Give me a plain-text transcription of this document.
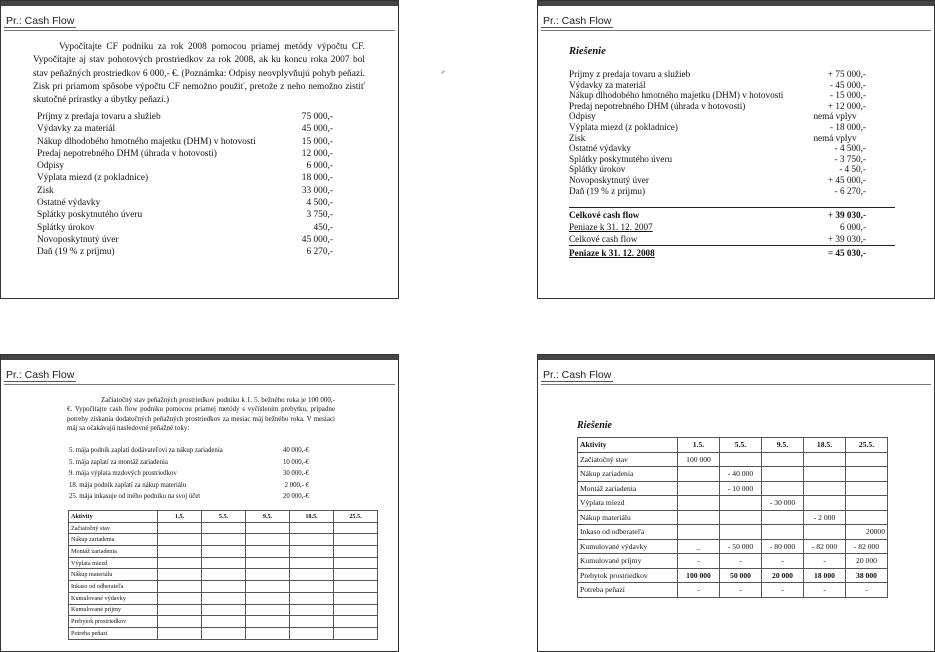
Pr.: Cash Flow
Vypočítajte CF podniku za rok 2008 pomocou priamej metódy výpočtu CF. Vypočítajte aj stav pohotových prostriedkov za rok 2008, ak ku koncu roka 2007 bol stav peňažných prostriedkov 6 000,- €. (Poznámka: Odpisy neovplyvňujú pohyb peňazí. Zisk pri priamom spôsobe výpočtu CF nemožno použiť, pretože z neho nemožno zistiť skutočné prírastky a úbytky peňazí.)
Príjmy z predaja tovaru a služieb	75 000,-
Výdavky za materiál	45 000,-
Nákup dlhodobého hmotného majetku (DHM) v hotovosti	15 000,-
Predaj nepotrebného DHM (úhrada v hotovosti)	12 000,-
Odpisy	6 000,-
Výplata miezd (z pokladnice)	18 000,-
Zisk	33 000,-
Ostatné výdavky	4 500,-
Splátky poskytnutého úveru	3 750,-
Splátky úrokov	450,-
Novoposkytnutý úver	45 000,-
Daň (19 % z príjmu)	6 270,-
Pr.: Cash Flow
Riešenie
Príjmy z predaja tovaru a služieb	+ 75 000,-
Výdavky za materiál	- 45 000,-
Nákup dlhodobého hmotného majetku (DHM) v hotovosti	- 15 000,-
Predaj nepotrebného DHM (úhrada v hotovosti)	+ 12 000,-
Odpisy	nemá vplyv
Výplata miezd (z pokladnice)	- 18 000,-
Zisk	nemá vplyv
Ostatné výdavky	- 4 500,-
Splátky poskytnutého úveru	- 3 750,-
Splátky úrokov	- 4 50,-
Novoposkytnutý úver	+ 45 000,-
Daň (19 % z príjmu)	- 6 270,-
Celkové cash flow	+ 39 030,-
Peniaze k 31. 12. 2007	6 000,-
Celkové cash flow	+ 39 030,-
Peniaze k 31. 12. 2008	= 45 030,-
Pr.: Cash Flow
Začiatočný stav peňažných prostriedkov podniku k 1. 5. bežného roka je 100 000,- €. Vypočítajte cash flow podniku pomocou priamej metódy s vyčíslením prebytku, prípadne potreby získania dodatočných peňažných prostriedkov za mesiac máj bežného roka. V mesiaci máj sa očakávajú nasledovné peňažné toky:
5. mája podnik zaplatí dodávateľovi za nákup zariadenia	40 000,-€
5. mája zaplatí za montáž zariadenia	10 000,-€
9. mája výplata mzdových prostriedkov	30 000,-€
18. mája podnik zaplatí za nákup materiálu	2 000,- €
25. mája inkasuje od iného podniku na svoj účet	20 000,-€
Aktivity	1.5.	5.5.	9.5.	18.5.	25.5.
Začiatočný stav					
Nákup zariadenia					
Montáž zariadenia					
Výplata miezd					
Nákup materiálu					
Inkaso od odberateľa					
Kumulované výdavky					
Kumulované príjmy					
Prebytok prostriedkov					
Potreba peňazí					
Pr.: Cash Flow
Riešenie
Aktivity	1.5.	5.5.	9.5.	18.5.	25.5.
Začiatočný stav	100 000				
Nákup zariadenia		- 40 000			
Montáž zariadenia		- 10 000			
Výplata miezd			- 30 000		
Nákup materiálu				- 2 000	
Inkaso od odberateľa					20000
Kumulované výdavky	_	- 50 000	- 80 000	- 82 000	- 82 000
Kumulované príjmy	-	-	-	-	20 000
Prebytok prostriedkov	100 000	50 000	20 000	18 000	38 000
Potreba peňazí	-	-	-	-	-
